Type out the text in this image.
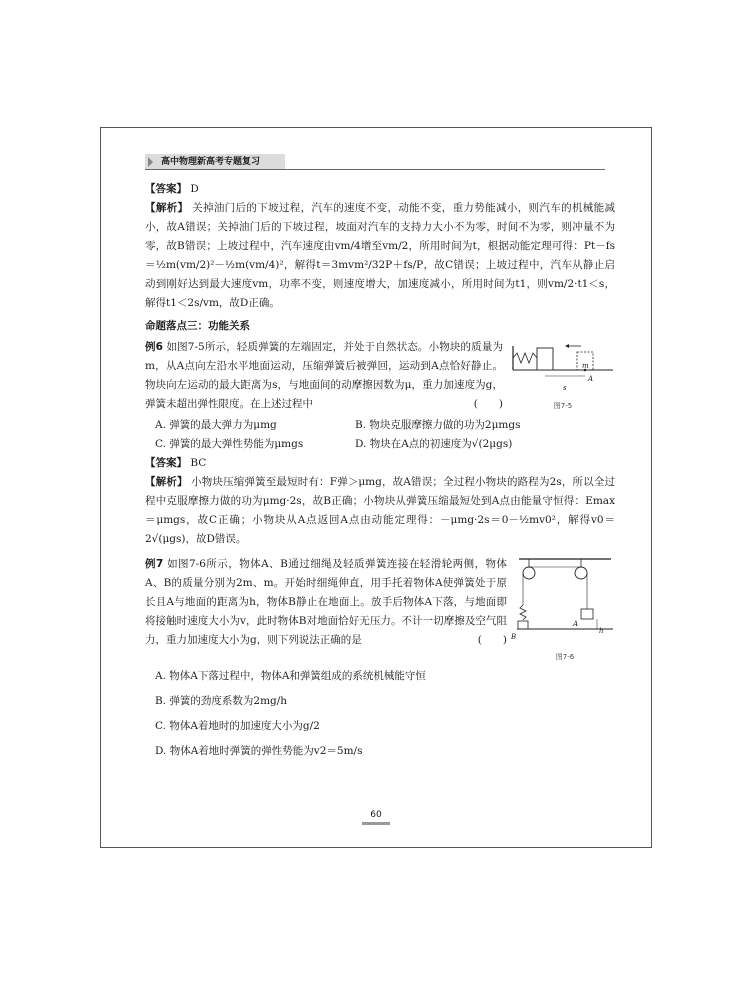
高中物理新高考专题复习

【答案】 D

【解析】 关掉油门后的下坡过程，汽车的速度不变，动能不变，重力势能减小，则汽车的机械能减小，故A错误；关掉油门后的下坡过程，坡面对汽车的支持力大小不为零，时间不为零，则冲量不为零，故B错误；上坡过程中，汽车速度由vm/4增至vm/2，所用时间为t，根据动能定理可得：Pt－fs＝½m(vm/2)²－½m(vm/4)²，解得t＝3mvm²/32P＋fs/P，故C错误；上坡过程中，汽车从静止启动到刚好达到最大速度vm，功率不变，则速度增大，加速度减小，所用时间为t1，则vm/2·t1＜s，解得t1＜2s/vm，故D正确。

命题落点三：功能关系
s
m
A
图7-5

例6 如图7-5所示，轻质弹簧的左端固定，并处于自然状态。小物块的质量为m，从A点向左沿水平地面运动，压缩弹簧后被弹回，运动到A点恰好静止。物块向左运动的最大距离为s，与地面间的动摩擦因数为μ，重力加速度为g，弹簧未超出弹性限度。在上述过程中	(　　)

A. 弹簧的最大弹力为μmg	B. 物块克服摩擦力做的功为2μmgs
C. 弹簧的最大弹性势能为μmgs	D. 物块在A点的初速度为√(2μgs)

【答案】 BC

【解析】 小物块压缩弹簧至最短时有：F弹＞μmg，故A错误；全过程小物块的路程为2s，所以全过程中克服摩擦力做的功为μmg·2s，故B正确；小物块从弹簧压缩最短处到A点由能量守恒得：Emax＝μmgs，故C正确；小物块从A点返回A点由动能定理得：－μmg·2s＝0－½mv0²，解得v0＝2√(μgs)，故D错误。

A
B
h
图7-6

例7 如图7-6所示，物体A、B通过细绳及轻质弹簧连接在轻滑轮两侧，物体A、B的质量分别为2m、m。开始时细绳伸直，用手托着物体A使弹簧处于原长且A与地面的距离为h，物体B静止在地面上。放手后物体A下落，与地面即将接触时速度大小为v，此时物体B对地面恰好无压力。不计一切摩擦及空气阻力，重力加速度大小为g，则下列说法正确的是	(　　)

A. 物体A下落过程中，物体A和弹簧组成的系统机械能守恒
B. 弹簧的劲度系数为2mg/h
C. 物体A着地时的加速度大小为g/2
D. 物体A着地时弹簧的弹性势能为v2＝5m/s
60
